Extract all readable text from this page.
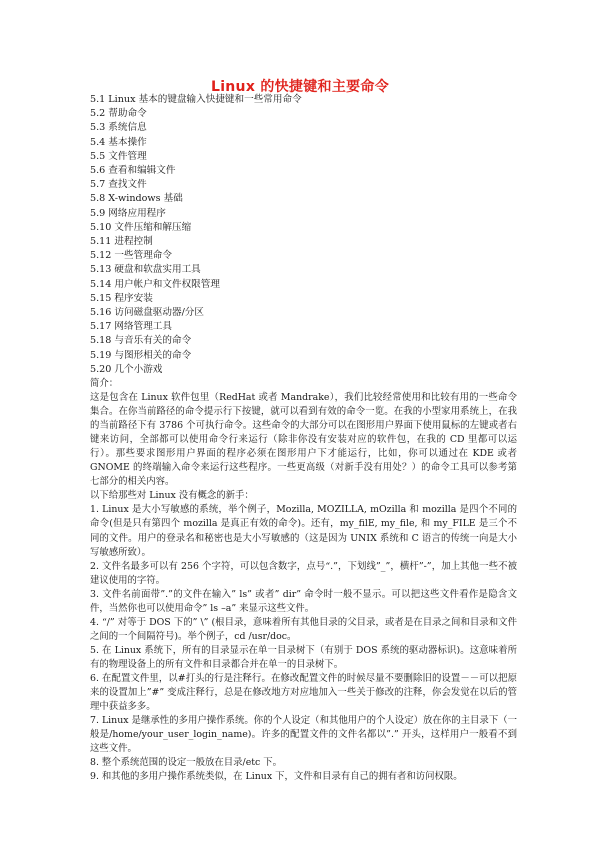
Linux 的快捷键和主要命令
5.1 Linux 基本的键盘输入快捷键和一些常用命令
5.2 帮助命令
5.3 系统信息
5.4 基本操作
5.5 文件管理
5.6 查看和编辑文件
5.7 查找文件
5.8 X-windows 基础
5.9 网络应用程序
5.10 文件压缩和解压缩
5.11 进程控制
5.12 一些管理命令
5.13 硬盘和软盘实用工具
5.14 用户帐户和文件权限管理
5.15 程序安装
5.16 访问磁盘驱动器/分区
5.17 网络管理工具
5.18 与音乐有关的命令
5.19 与图形相关的命令
5.20 几个小游戏

简介：

这是包含在 Linux 软件包里（RedHat 或者 Mandrake），我们比较经常使用和比较有用的一些命令集合。在你当前路径的命令提示行下按键，就可以看到有效的命令一览。在我的小型家用系统上，在我的当前路径下有 3786 个可执行命令。这些命令的大部分可以在图形用户界面下使用鼠标的左键或者右键来访问，全部都可以使用命令行来运行（除非你没有安装对应的软件包，在我的 CD 里都可以运行）。那些要求图形用户界面的程序必须在图形用户下才能运行，比如，你可以通过在 KDE 或者 GNOME 的终端输入命令来运行这些程序。一些更高级（对新手没有用处？）的命令工具可以参考第七部分的相关内容。

以下给那些对 Linux 没有概念的新手：

1. Linux 是大小写敏感的系统，举个例子，Mozilla, MOZILLA, mOzilla 和 mozilla 是四个不同的命令(但是只有第四个 mozilla 是真正有效的命令)。还有，my_filE, my_file, 和 my_FILE 是三个不同的文件。用户的登录名和秘密也是大小写敏感的（这是因为 UNIX 系统和 C 语言的传统一向是大小写敏感所致）。

2. 文件名最多可以有 256 个字符，可以包含数字，点号“.”，下划线”_”，横杆”-”，加上其他一些不被建议使用的字符。

3. 文件名前面带”.”的文件在输入” ls” 或者” dir” 命令时一般不显示。可以把这些文件看作是隐含文件，当然你也可以使用命令” ls –a” 来显示这些文件。

4. “/” 对等于 DOS 下的” \” (根目录，意味着所有其他目录的父目录，或者是在目录之间和目录和文件之间的一个间隔符号)。举个例子，cd /usr/doc。

5. 在 Linux 系统下，所有的目录显示在单一目录树下（有别于 DOS 系统的驱动器标识)。这意味着所有的物理设备上的所有文件和目录都合并在单一的目录树下。

6. 在配置文件里，以#打头的行是注释行。在修改配置文件的时候尽量不要删除旧的设置－－可以把原来的设置加上”#” 变成注释行，总是在修改地方对应地加入一些关于修改的注释，你会发觉在以后的管理中获益多多。

7. Linux 是继承性的多用户操作系统。你的个人设定（和其他用户的个人设定）放在你的主目录下（一般是/home/your_user_login_name)。许多的配置文件的文件名都以”.” 开头，这样用户一般看不到这些文件。

8. 整个系统范围的设定一般放在目录/etc 下。

9. 和其他的多用户操作系统类似，在 Linux 下，文件和目录有自己的拥有者和访问权限。
